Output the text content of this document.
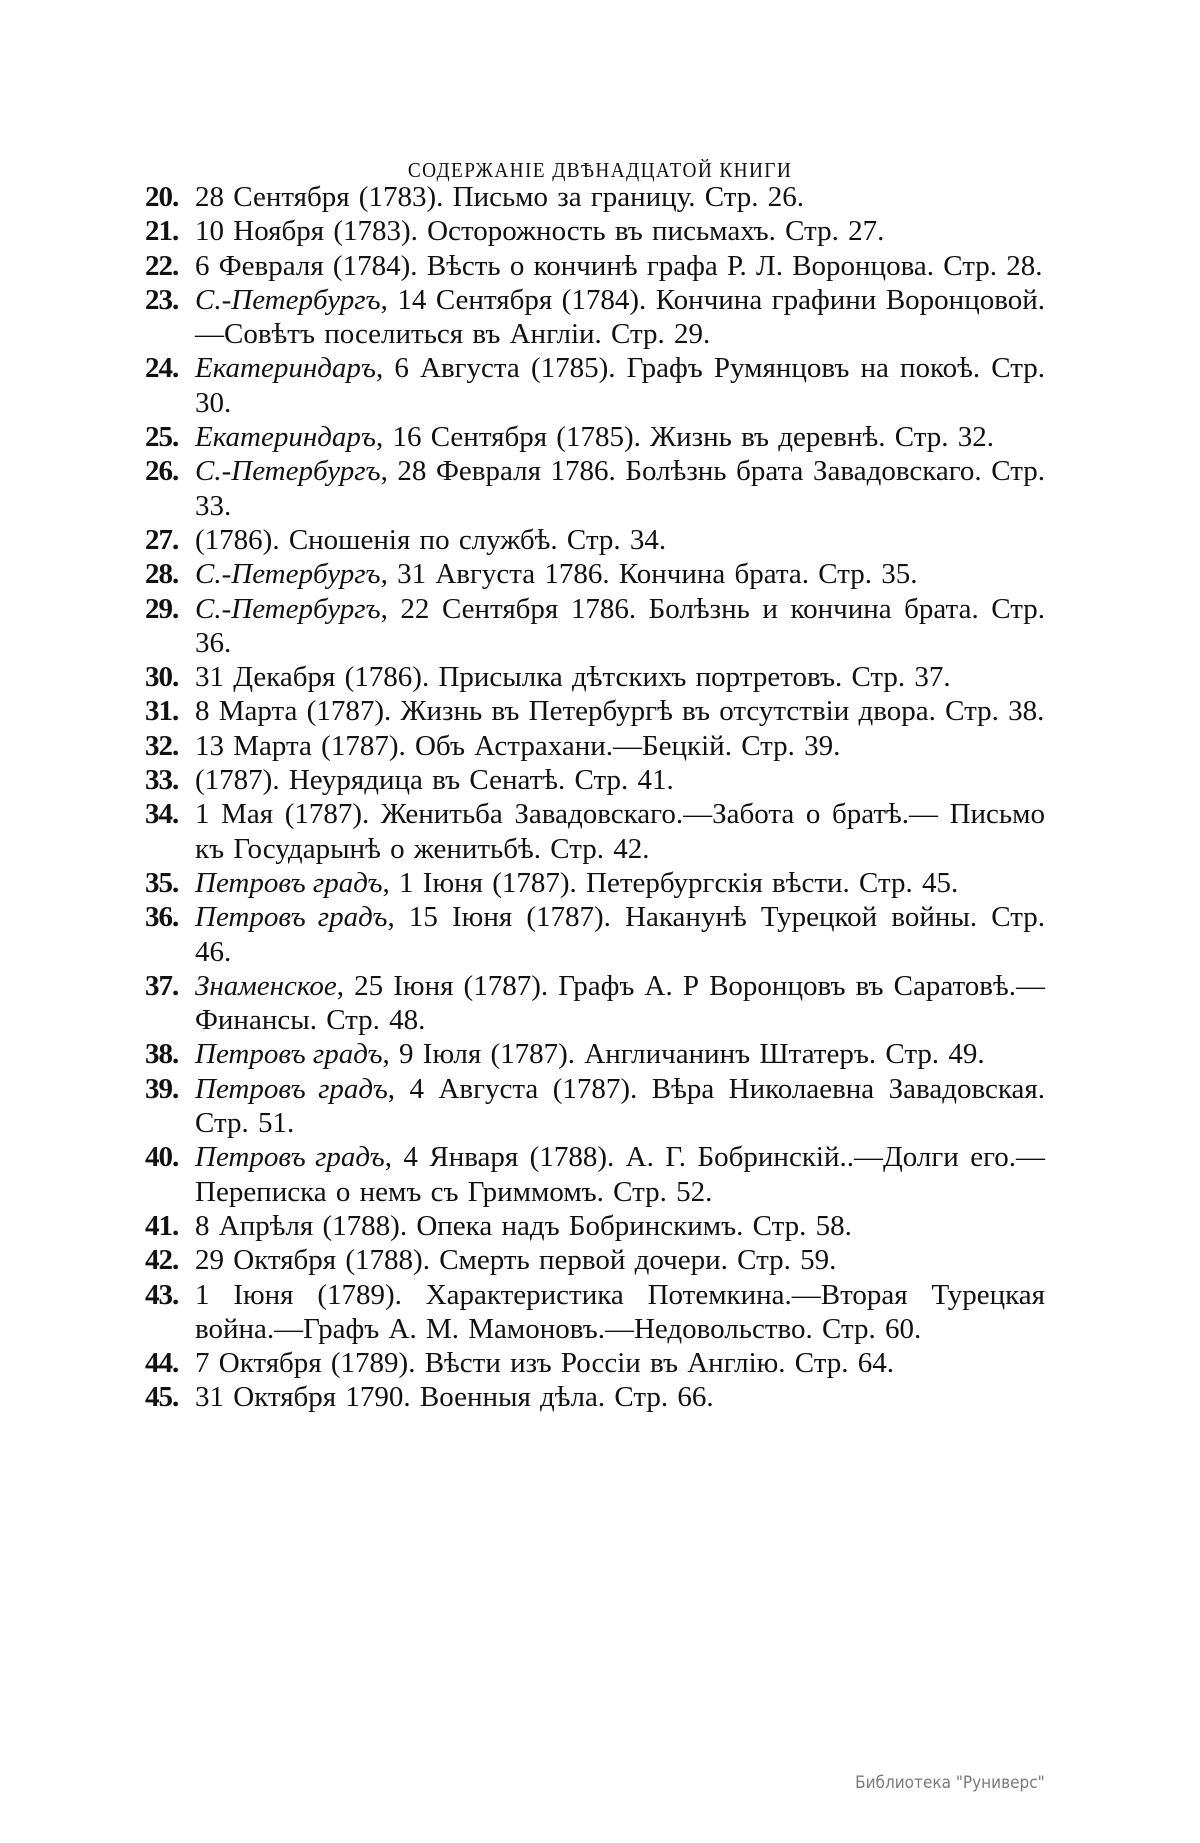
СОДЕРЖАНІЕ ДВѢНАДЦАТОЙ КНИГИ
20. 28 Сентября (1783). Письмо за границу. Стр. 26.
21. 10 Ноября (1783). Осторожность въ письмахъ. Стр. 27.
22. 6 Февраля (1784). Вѣсть о кончинѣ графа Р. Л. Воронцова. Стр. 28.
23. С.-Петербургъ, 14 Сентября (1784). Кончина графини Воронцовой.—Совѣтъ поселиться въ Англіи. Стр. 29.
24. Екатериндаръ, 6 Августа (1785). Графъ Румянцовъ на покоѣ. Стр. 30.
25. Екатериндаръ, 16 Сентября (1785). Жизнь въ деревнѣ. Стр. 32.
26. С.-Петербургъ, 28 Февраля 1786. Болѣзнь брата Завадовскаго. Стр. 33.
27. (1786). Сношенія по службѣ. Стр. 34.
28. С.-Петербургъ, 31 Августа 1786. Кончина брата. Стр. 35.
29. С.-Петербургъ, 22 Сентября 1786. Болѣзнь и кончина брата. Стр. 36.
30. 31 Декабря (1786). Присылка дѣтскихъ портретовъ. Стр. 37.
31. 8 Марта (1787). Жизнь въ Петербургѣ въ отсутствіи двора. Стр. 38.
32. 13 Марта (1787). Объ Астрахани.—Бецкій. Стр. 39.
33. (1787). Неурядица въ Сенатѣ. Стр. 41.
34. 1 Мая (1787). Женитьба Завадовскаго.—Забота о братѣ.— Письмо къ Государынѣ о женитьбѣ. Стр. 42.
35. Петровъ градъ, 1 Іюня (1787). Петербургскія вѣсти. Стр. 45.
36. Петровъ градъ, 15 Іюня (1787). Наканунѣ Турецкой войны. Стр. 46.
37. Знаменское, 25 Іюня (1787). Графъ А. Р Воронцовъ въ Саратовѣ.—Финансы. Стр. 48.
38. Петровъ градъ, 9 Іюля (1787). Англичанинъ Штатеръ. Стр. 49.
39. Петровъ градъ, 4 Августа (1787). Вѣра Николаевна Завадовская. Стр. 51.
40. Петровъ градъ, 4 Января (1788). А. Г. Бобринскій..—Долги его.—Переписка о немъ съ Гриммомъ. Стр. 52.
41. 8 Апрѣля (1788). Опека надъ Бобринскимъ. Стр. 58.
42. 29 Октября (1788). Смерть первой дочери. Стр. 59.
43. 1 Іюня (1789). Характеристика Потемкина.—Вторая Турецкая война.—Графъ А. М. Мамоновъ.—Недовольство. Стр. 60.
44. 7 Октября (1789). Вѣсти изъ Россіи въ Англію. Стр. 64.
45. 31 Октября 1790. Военныя дѣла. Стр. 66.
Библиотека "Руниверс"
